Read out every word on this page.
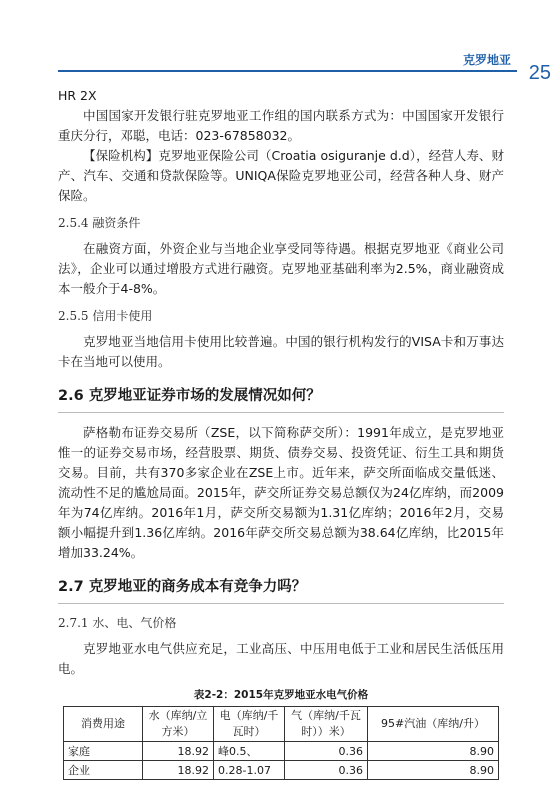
克罗地亚
25

HR 2X

中国国家开发银行驻克罗地亚工作组的国内联系方式为：中国国家开发银行重庆分行，邓聪，电话：023-67858032。

【保险机构】克罗地亚保险公司（Croatia osiguranje d.d），经营人寿、财产、汽车、交通和贷款保险等。UNIQA保险克罗地亚公司，经营各种人身、财产保险。

2.5.4 融资条件

在融资方面，外资企业与当地企业享受同等待遇。根据克罗地亚《商业公司法》，企业可以通过增股方式进行融资。克罗地亚基础利率为2.5%，商业融资成本一般介于4-8%。

2.5.5 信用卡使用

克罗地亚当地信用卡使用比较普遍。中国的银行机构发行的VISA卡和万事达卡在当地可以使用。

2.6 克罗地亚证券市场的发展情况如何？

萨格勒布证券交易所（ZSE，以下简称萨交所）：1991年成立，是克罗地亚惟一的证券交易市场，经营股票、期货、债券交易、投资凭证、衍生工具和期货交易。目前，共有370多家企业在ZSE上市。近年来，萨交所面临成交量低迷、流动性不足的尴尬局面。2015年，萨交所证券交易总额仅为24亿库纳，而2009年为74亿库纳。2016年1月，萨交所交易额为1.31亿库纳；2016年2月，交易额小幅提升到1.36亿库纳。2016年萨交所交易总额为38.64亿库纳，比2015年增加33.24%。

2.7 克罗地亚的商务成本有竞争力吗？
2.7.1 水、电、气价格

克罗地亚水电气供应充足，工业高压、中压用电低于工业和居民生活低压用电。

表2-2：2015年克罗地亚水电气价格
消费用途	水（库纳/立方米）	电（库纳/千瓦时）	气（库纳/千瓦时））米）	95#汽油（库纳/升）
家庭	18.92	峰0.5、	0.36	8.90
企业	18.92	0.28-1.07	0.36	8.90
